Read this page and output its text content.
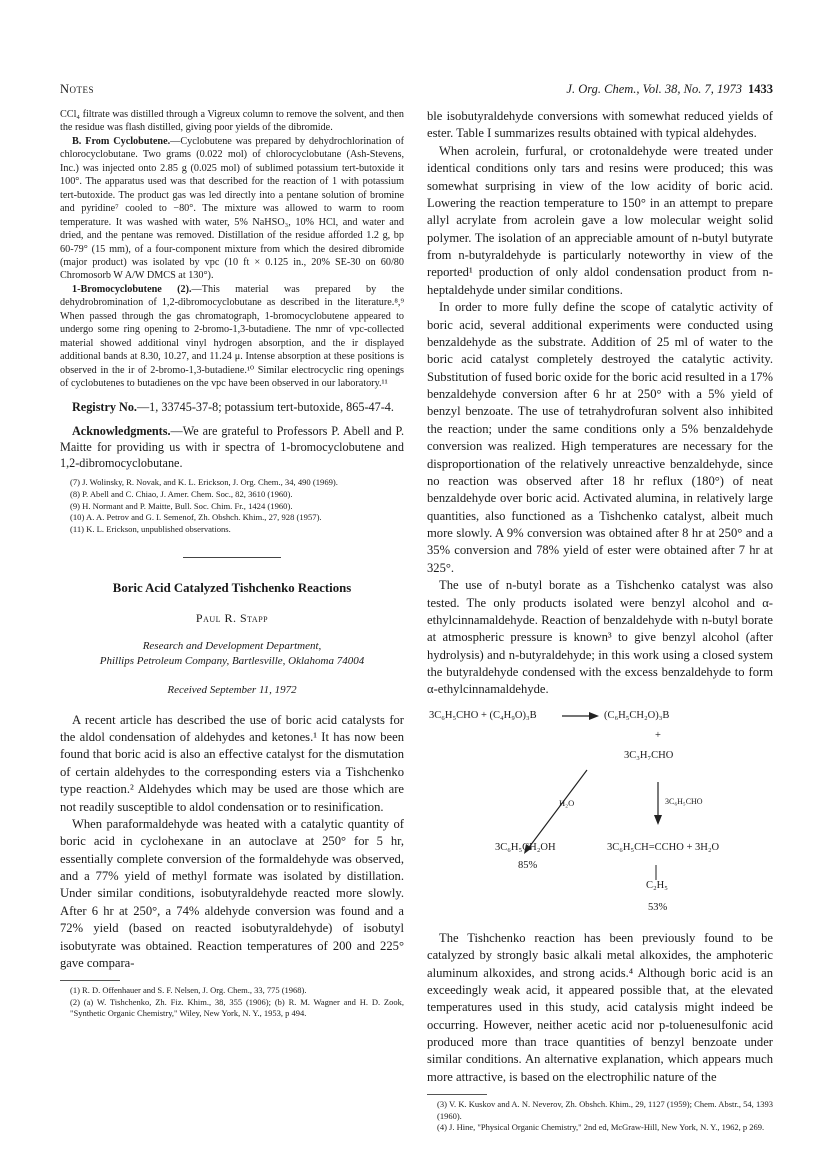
Notes	J. Org. Chem., Vol. 38, No. 7, 1973 1433

CCl₄ filtrate was distilled through a Vigreux column to remove the solvent, and then the residue was flash distilled, giving poor yields of the dibromide.

B. From Cyclobutene.—Cyclobutene was prepared by dehydrochlorination of chlorocyclobutane. Two grams (0.022 mol) of chlorocyclobutane (Ash-Stevens, Inc.) was injected onto 2.85 g (0.025 mol) of sublimed potassium tert-butoxide it 100°. The apparatus used was that described for the reaction of 1 with potassium tert-butoxide. The product gas was led directly into a pentane solution of bromine and pyridine⁷ cooled to −80°. The mixture was allowed to warm to room temperature. It was washed with water, 5% NaHSO₃, 10% HCl, and water and dried, and the pentane was removed. Distillation of the residue afforded 1.2 g, bp 60-79° (15 mm), of a four-component mixture from which the desired dibromide (major product) was isolated by vpc (10 ft × 0.125 in., 20% SE-30 on 60/80 Chromosorb W A/W DMCS at 130°).

1-Bromocyclobutene (2).—This material was prepared by the dehydrobromination of 1,2-dibromocyclobutane as described in the literature.⁸,⁹ When passed through the gas chromatograph, 1-bromocyclobutene appeared to undergo some ring opening to 2-bromo-1,3-butadiene. The nmr of vpc-collected material showed additional vinyl hydrogen absorption, and the ir displayed additional bands at 8.30, 10.27, and 11.24 μ. Intense absorption at these positions is observed in the ir of 2-bromo-1,3-butadiene.¹⁰ Similar electrocyclic ring openings of cyclobutenes to butadienes on the vpc have been observed in our laboratory.¹¹

Registry No.—1, 33745-37-8; potassium tert-butoxide, 865-47-4.

Acknowledgments.—We are grateful to Professors P. Abell and P. Maitte for providing us with ir spectra of 1-bromocyclobutene and 1,2-dibromocyclobutane.

(7) J. Wolinsky, R. Novak, and K. L. Erickson, J. Org. Chem., 34, 490 (1969).
(8) P. Abell and C. Chiao, J. Amer. Chem. Soc., 82, 3610 (1960).
(9) H. Normant and P. Maitte, Bull. Soc. Chim. Fr., 1424 (1960).
(10) A. A. Petrov and G. I. Semenof, Zh. Obshch. Khim., 27, 928 (1957).
(11) K. L. Erickson, unpublished observations.
Boric Acid Catalyzed Tishchenko Reactions
Paul R. Stapp
Research and Development Department,
Phillips Petroleum Company, Bartlesville, Oklahoma 74004
Received September 11, 1972

A recent article has described the use of boric acid catalysts for the aldol condensation of aldehydes and ketones.¹ It has now been found that boric acid is also an effective catalyst for the dismutation of certain aldehydes to the corresponding esters via a Tishchenko type reaction.² Aldehydes which may be used are those which are not readily susceptible to aldol condensation or to resinification.

When paraformaldehyde was heated with a catalytic quantity of boric acid in cyclohexane in an autoclave at 250° for 5 hr, essentially complete conversion of the formaldehyde was observed, and a 77% yield of methyl formate was isolated by distillation. Under similar conditions, isobutyraldehyde reacted more slowly. After 6 hr at 250°, a 74% aldehyde conversion was found and a 72% yield (based on reacted isobutyraldehyde) of isobutyl isobutyrate was obtained. Reaction temperatures of 200 and 225° gave compara-

(1) R. D. Offenhauer and S. F. Nelsen, J. Org. Chem., 33, 775 (1968).
(2) (a) W. Tishchenko, Zh. Fiz. Khim., 38, 355 (1906); (b) R. M. Wagner and H. D. Zook, "Synthetic Organic Chemistry," Wiley, New York, N. Y., 1953, p 494.

ble isobutyraldehyde conversions with somewhat reduced yields of ester. Table I summarizes results obtained with typical aldehydes.

When acrolein, furfural, or crotonaldehyde were treated under identical conditions only tars and resins were produced; this was somewhat surprising in view of the low acidity of boric acid. Lowering the reaction temperature to 150° in an attempt to prepare allyl acrylate from acrolein gave a low molecular weight solid polymer. The isolation of an appreciable amount of n-butyl butyrate from n-butyraldehyde is particularly noteworthy in view of the reported¹ production of only aldol condensation product from n-heptaldehyde under similar conditions.

In order to more fully define the scope of catalytic activity of boric acid, several additional experiments were conducted using benzaldehyde as the substrate. Addition of 25 ml of water to the boric acid catalyst completely destroyed the catalytic activity. Substitution of fused boric oxide for the boric acid resulted in a 17% benzaldehyde conversion after 6 hr at 250° with a 5% yield of benzyl benzoate. The use of tetrahydrofuran solvent also inhibited the reaction; under the same conditions only a 5% benzaldehyde conversion was realized. High temperatures are necessary for the disproportionation of the relatively unreactive benzaldehyde, since no reaction was observed after 18 hr reflux (180°) of neat benzaldehyde over boric acid. Activated alumina, in relatively large quantities, also functioned as a Tishchenko catalyst, albeit much more slowly. A 9% conversion was obtained after 8 hr at 250° and a 35% conversion and 78% yield of ester were obtained after 7 hr at 325°.

The use of n-butyl borate as a Tishchenko catalyst was also tested. The only products isolated were benzyl alcohol and α-ethylcinnamaldehyde. Reaction of benzaldehyde with n-butyl borate at atmospheric pressure is known³ to give benzyl alcohol (after hydrolysis) and n-butyraldehyde; in this work using a closed system the butyraldehyde condensed with the excess benzaldehyde to form α-ethylcinnamaldehyde.

3C₆H₅CHO + (C₄H₉O)₃B	(C₆H₅CH₂O)₃B
+
3C₃H₇CHO
H₂O	3C₆H₅CHO
3C₆H₅CH₂OH
85%
3C₆H₅CH=CCHO + 3H₂O
C₂H₅
53%

The Tishchenko reaction has been previously found to be catalyzed by strongly basic alkali metal alkoxides, the amphoteric aluminum alkoxides, and strong acids.⁴ Although boric acid is an exceedingly weak acid, it appeared possible that, at the elevated temperatures used in this study, acid catalysis might indeed be occurring. However, neither acetic acid nor p-toluenesulfonic acid produced more than trace quantities of benzyl benzoate under similar conditions. An alternative explanation, which appears much more attractive, is based on the electrophilic nature of the

(3) V. K. Kuskov and A. N. Neverov, Zh. Obshch. Khim., 29, 1127 (1959); Chem. Abstr., 54, 1393 (1960).
(4) J. Hine, "Physical Organic Chemistry," 2nd ed, McGraw-Hill, New York, N. Y., 1962, p 269.
